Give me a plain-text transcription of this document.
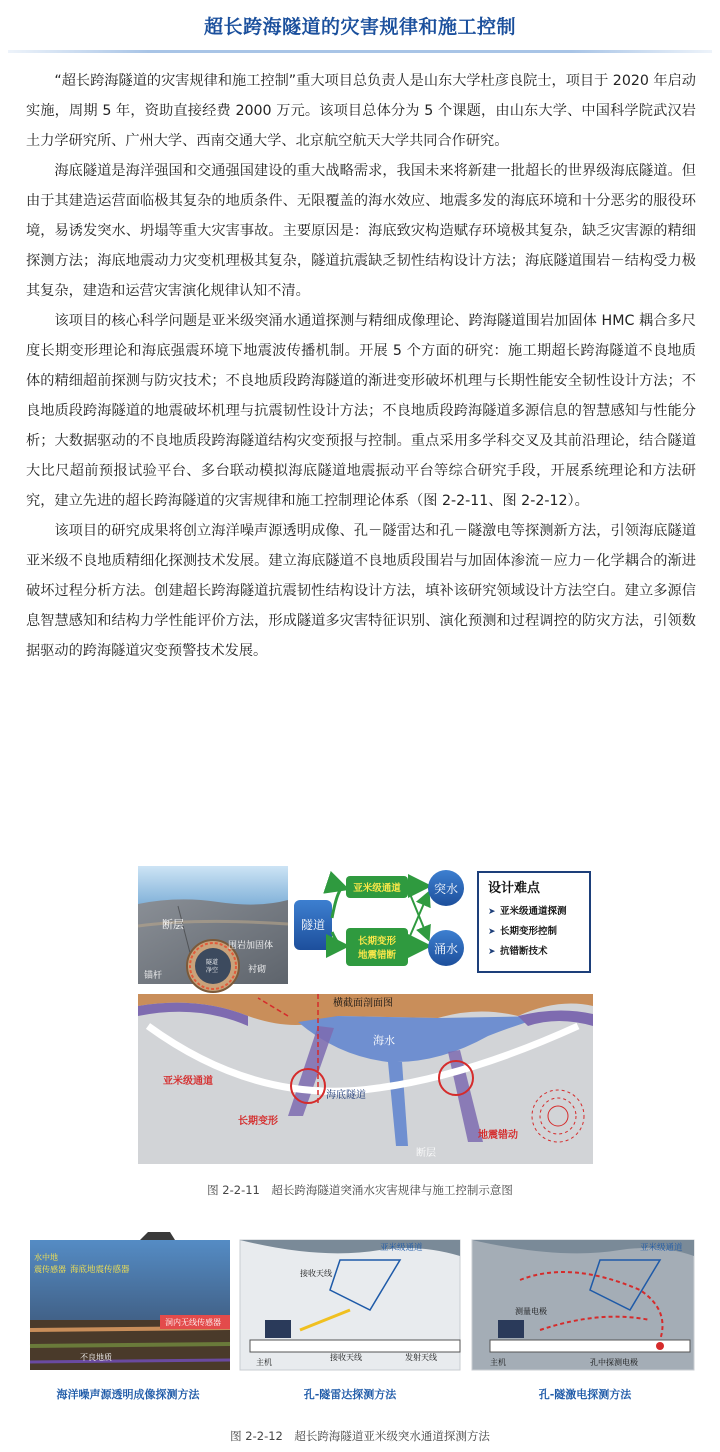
超长跨海隧道的灾害规律和施工控制

“超长跨海隧道的灾害规律和施工控制”重大项目总负责人是山东大学杜彦良院士，项目于 2020 年启动实施，周期 5 年，资助直接经费 2000 万元。该项目总体分为 5 个课题，由山东大学、中国科学院武汉岩土力学研究所、广州大学、西南交通大学、北京航空航天大学共同合作研究。

海底隧道是海洋强国和交通强国建设的重大战略需求，我国未来将新建一批超长的世界级海底隧道。但由于其建造运营面临极其复杂的地质条件、无限覆盖的海水效应、地震多发的海底环境和十分恶劣的服役环境，易诱发突水、坍塌等重大灾害事故。主要原因是：海底致灾构造赋存环境极其复杂，缺乏灾害源的精细探测方法；海底地震动力灾变机理极其复杂，隧道抗震缺乏韧性结构设计方法；海底隧道围岩－结构受力极其复杂，建造和运营灾害演化规律认知不清。

该项目的核心科学问题是亚米级突涌水通道探测与精细成像理论、跨海隧道围岩加固体 HMC 耦合多尺度长期变形理论和海底强震环境下地震波传播机制。开展 5 个方面的研究：施工期超长跨海隧道不良地质体的精细超前探测与防灾技术；不良地质段跨海隧道的渐进变形破坏机理与长期性能安全韧性设计方法；不良地质段跨海隧道的地震破坏机理与抗震韧性设计方法；不良地质段跨海隧道多源信息的智慧感知与性能分析；大数据驱动的不良地质段跨海隧道结构灾变预报与控制。重点采用多学科交叉及其前沿理论，结合隧道大比尺超前预报试验平台、多台联动模拟海底隧道地震振动平台等综合研究手段，开展系统理论和方法研究，建立先进的超长跨海隧道的灾害规律和施工控制理论体系（图 2-2-11、图 2-2-12）。

该项目的研究成果将创立海洋噪声源透明成像、孔－隧雷达和孔－隧激电等探测新方法，引领海底隧道亚米级不良地质精细化探测技术发展。建立海底隧道不良地质段围岩与加固体渗流－应力－化学耦合的渐进破坏过程分析方法。创建超长跨海隧道抗震韧性结构设计方法，填补该研究领域设计方法空白。建立多源信息智慧感知和结构力学性能评价方法，形成隧道多灾害特征识别、演化预测和过程调控的防灾方法，引领数据驱动的跨海隧道灾变预警技术发展。

断层
围岩加固体
隧道
净空
锚杆
衬砌
隧道
亚米级通道
长期变形
地震错断
突水
涌水
设计难点
➤ 亚米级通道探测
➤ 长期变形控制
➤ 抗错断技术
海水
横截面剖面图
亚米级通道
长期变形
海底隧道
地震错动
断层
图 2-2-11　超长跨海隧道突涌水灾害规律与施工控制示意图
洞内无线传感器
海底地震传感器
水中地
震传感器
不良地质
海洋噪声源透明成像探测方法
亚米级通道
接收天线
主机
接收天线	发射天线
孔-隧雷达探测方法
亚米级通道
测量电极
主机	孔中探测电极
孔-隧激电探测方法
图 2-2-12　超长跨海隧道亚米级突水通道探测方法
